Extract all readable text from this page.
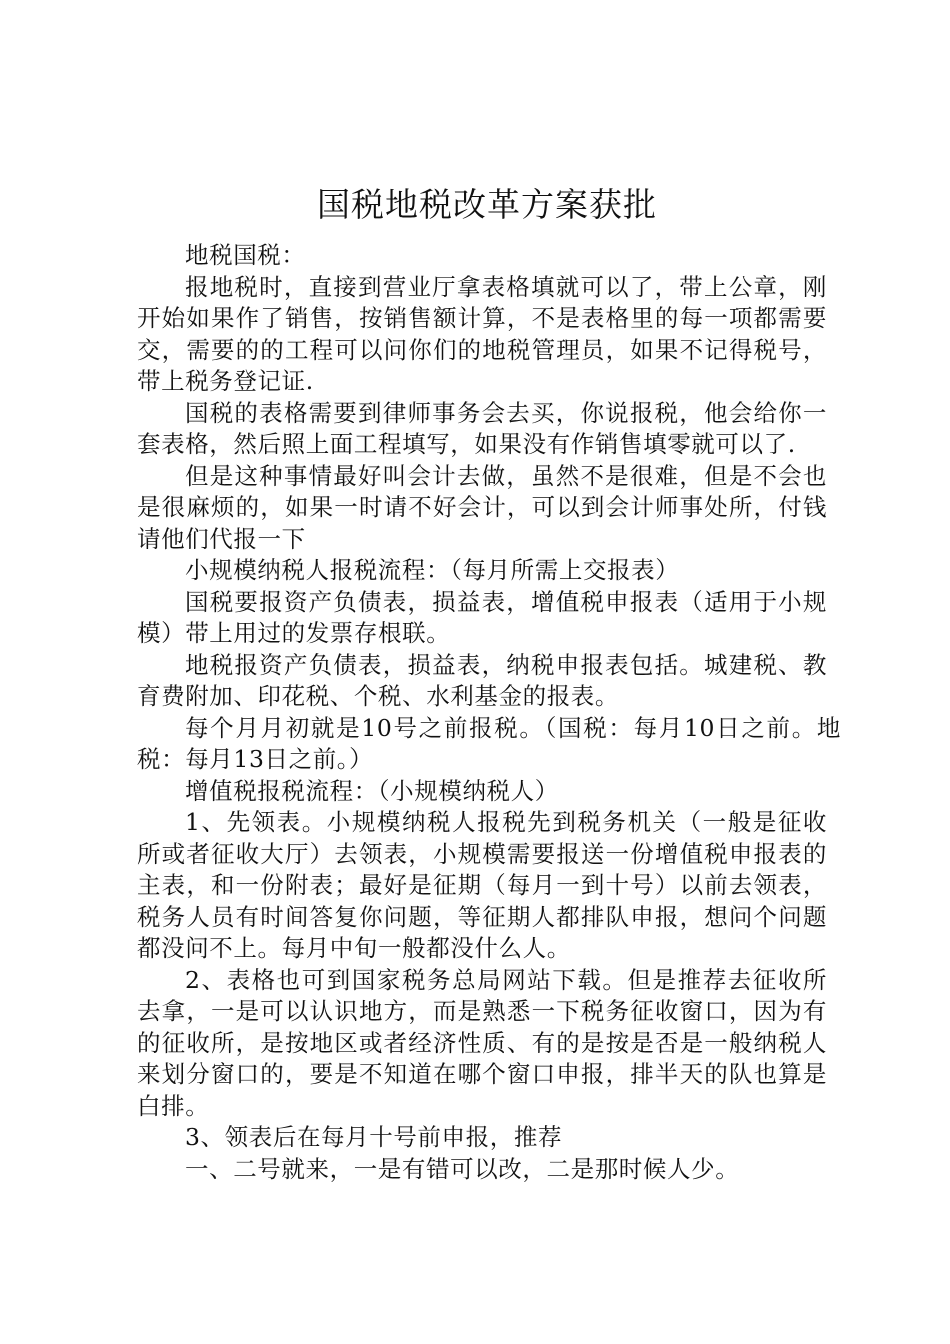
国税地税改革方案获批

地税国税：

报地税时，直接到营业厅拿表格填就可以了，带上公章，刚开始如果作了销售，按销售额计算，不是表格里的每一项都需要交，需要的的工程可以问你们的地税管理员，如果不记得税号，带上税务登记证.

国税的表格需要到律师事务会去买，你说报税，他会给你一套表格，然后照上面工程填写，如果没有作销售填零就可以了.

但是这种事情最好叫会计去做，虽然不是很难，但是不会也是很麻烦的，如果一时请不好会计，可以到会计师事处所，付钱请他们代报一下

小规模纳税人报税流程：（每月所需上交报表）

国税要报资产负债表，损益表，增值税申报表（适用于小规模）带上用过的发票存根联。

地税报资产负债表，损益表，纳税申报表包括。城建税、教育费附加、印花税、个税、水利基金的报表。

每个月月初就是10号之前报税。（国税：每月10日之前。地税：每月13日之前。）

增值税报税流程：（小规模纳税人）

1、先领表。小规模纳税人报税先到税务机关（一般是征收所或者征收大厅）去领表，小规模需要报送一份增值税申报表的主表，和一份附表；最好是征期（每月一到十号）以前去领表，税务人员有时间答复你问题，等征期人都排队申报，想问个问题都没问不上。每月中旬一般都没什么人。

2、表格也可到国家税务总局网站下载。但是推荐去征收所去拿，一是可以认识地方，而是熟悉一下税务征收窗口，因为有的征收所，是按地区或者经济性质、有的是按是否是一般纳税人来划分窗口的，要是不知道在哪个窗口申报，排半天的队也算是白排。

3、领表后在每月十号前申报，推荐

一、二号就来，一是有错可以改，二是那时候人少。
